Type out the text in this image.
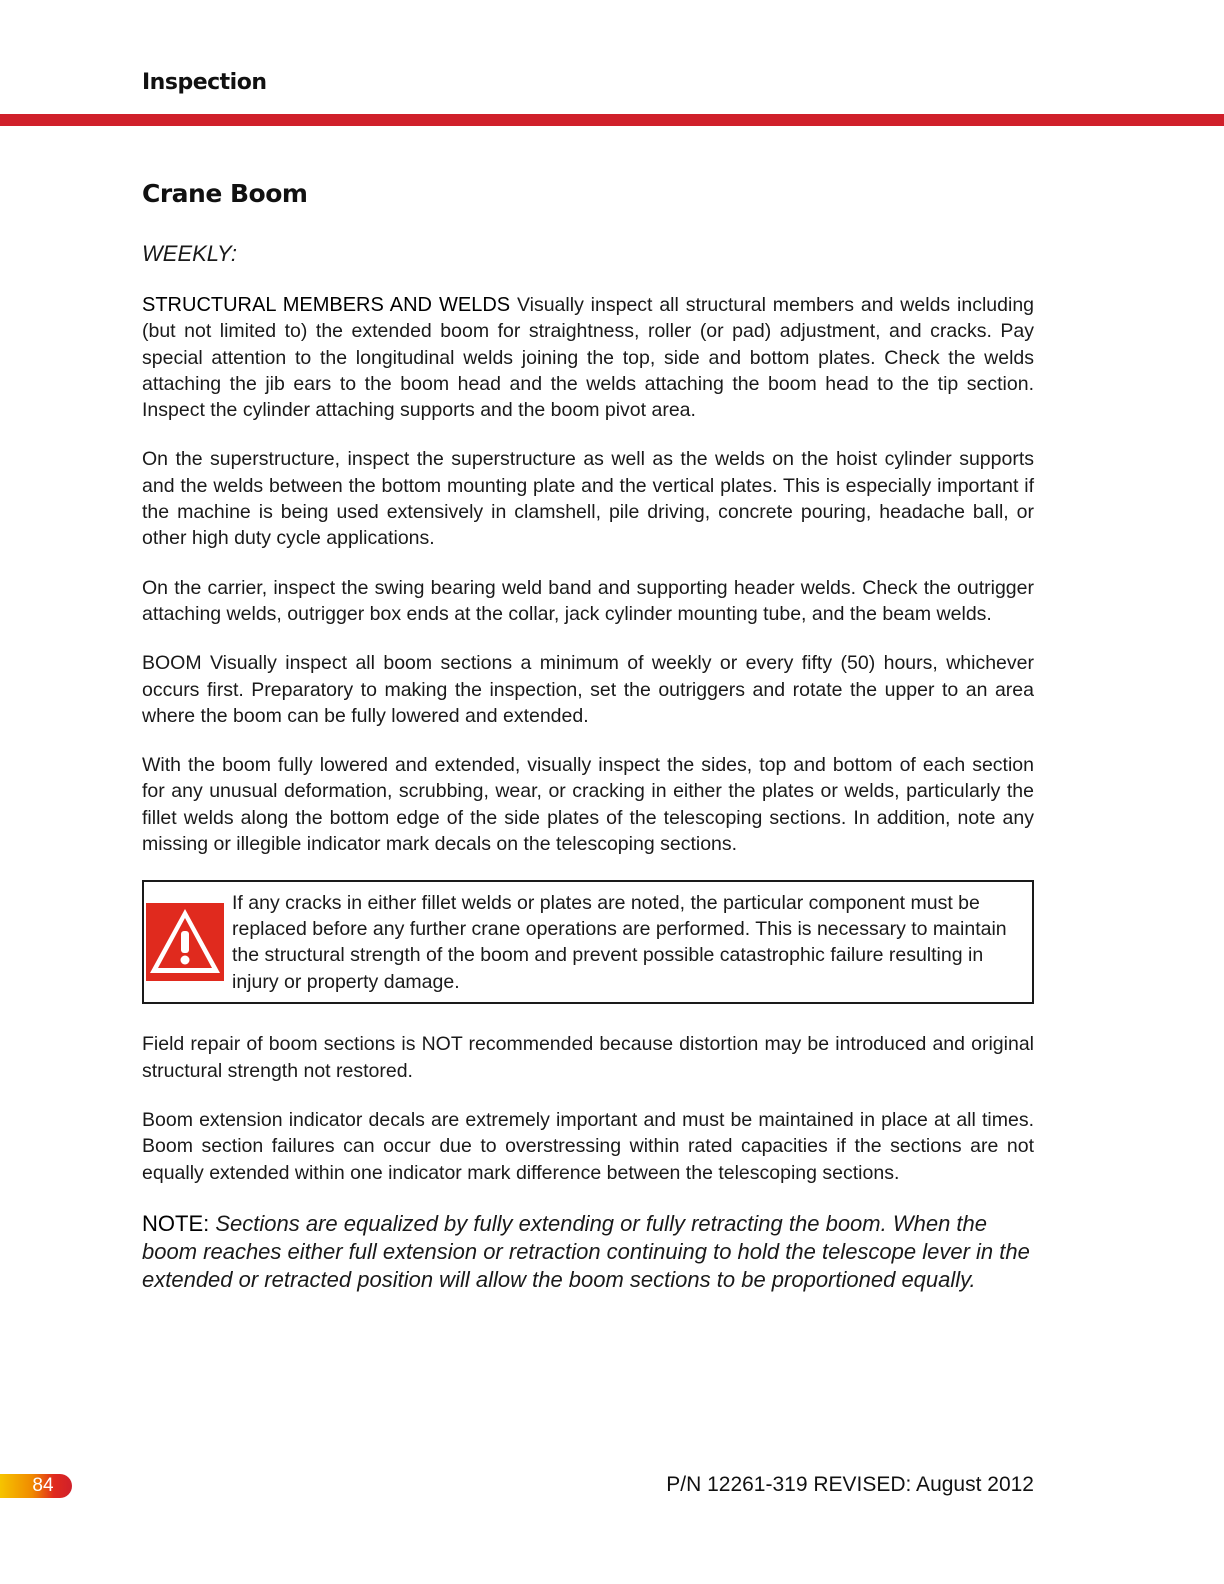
Inspection
Crane Boom
WEEKLY:

STRUCTURAL MEMBERS AND WELDS Visually inspect all structural members and welds including (but not limited to) the extended boom for straightness, roller (or pad) adjustment, and cracks. Pay special attention to the longitudinal welds joining the top, side and bottom plates. Check the welds attaching the jib ears to the boom head and the welds attaching the boom head to the tip section. Inspect the cylinder attaching supports and the boom pivot area.

On the superstructure, inspect the superstructure as well as the welds on the hoist cylinder supports and the welds between the bottom mounting plate and the vertical plates. This is especially important if the machine is being used extensively in clamshell, pile driving, concrete pouring, headache ball, or other high duty cycle applications.

On the carrier, inspect the swing bearing weld band and supporting header welds. Check the outrigger attaching welds, outrigger box ends at the collar, jack cylinder mounting tube, and the beam welds.

BOOM Visually inspect all boom sections a minimum of weekly or every fifty (50) hours, whichever occurs first. Preparatory to making the inspection, set the outriggers and rotate the upper to an area where the boom can be fully lowered and extended.

With the boom fully lowered and extended, visually inspect the sides, top and bottom of each section for any unusual deformation, scrubbing, wear, or cracking in either the plates or welds, particularly the fillet welds along the bottom edge of the side plates of the telescoping sections. In addition, note any missing or illegible indicator mark decals on the telescoping sections.

If any cracks in either fillet welds or plates are noted, the particular component must be replaced before any further crane operations are performed. This is necessary to maintain the structural strength of the boom and prevent possible catastrophic failure resulting in injury or property damage.

Field repair of boom sections is NOT recommended because distortion may be introduced and original structural strength not restored.

Boom extension indicator decals are extremely important and must be maintained in place at all times. Boom section failures can occur due to overstressing within rated capacities if the sections are not equally extended within one indicator mark difference between the telescoping sections.

NOTE: Sections are equalized by fully extending or fully retracting the boom. When the boom reaches either full extension or retraction continuing to hold the telescope lever in the extended or retracted position will allow the boom sections to be proportioned equally.
84	P/N 12261-319 REVISED: August 2012
